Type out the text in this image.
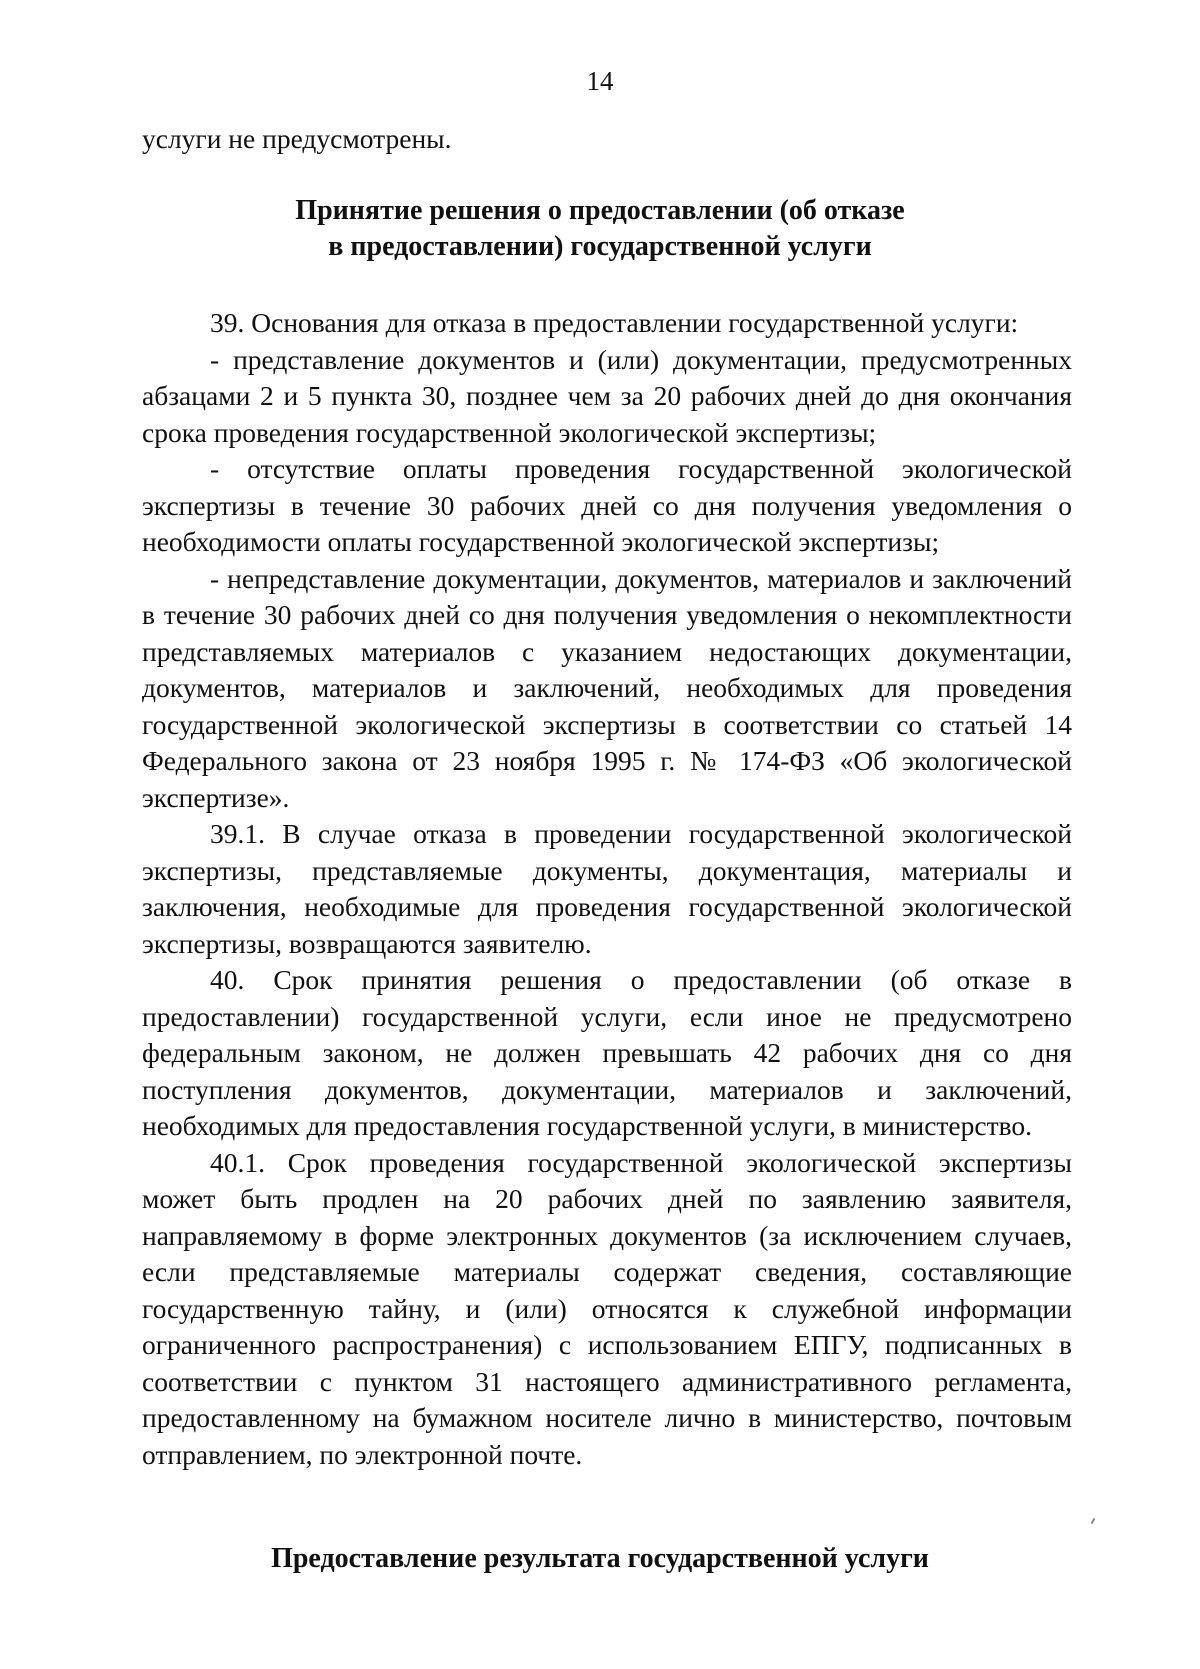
14
услуги не предусмотрены.
Принятие решения о предоставлении (об отказе
в предоставлении) государственной услуги

39. Основания для отказа в предоставлении государственной услуги:

- представление документов и (или) документации, предусмотренных абзацами 2 и 5 пункта 30, позднее чем за 20 рабочих дней до дня окончания срока проведения государственной экологической экспертизы;

- отсутствие оплаты проведения государственной экологической экспертизы в течение 30 рабочих дней со дня получения уведомления о необходимости оплаты государственной экологической экспертизы;

- непредставление документации, документов, материалов и заключений в течение 30 рабочих дней со дня получения уведомления о некомплектности представляемых материалов с указанием недостающих документации, документов, материалов и заключений, необходимых для проведения государственной экологической экспертизы в соответствии со статьей 14 Федерального закона от 23 ноября 1995 г. № 174-ФЗ «Об экологической экспертизе».

39.1. В случае отказа в проведении государственной экологической экспертизы, представляемые документы, документация, материалы и заключения, необходимые для проведения государственной экологической экспертизы, возвращаются заявителю.

40. Срок принятия решения о предоставлении (об отказе в предоставлении) государственной услуги, если иное не предусмотрено федеральным законом, не должен превышать 42 рабочих дня со дня поступления документов, документации, материалов и заключений, необходимых для предоставления государственной услуги, в министерство.

40.1. Срок проведения государственной экологической экспертизы может быть продлен на 20 рабочих дней по заявлению заявителя, направляемому в форме электронных документов (за исключением случаев, если представляемые материалы содержат сведения, составляющие государственную тайну, и (или) относятся к служебной информации ограниченного распространения) с использованием ЕПГУ, подписанных в соответствии с пунктом 31 настоящего административного регламента, предоставленному на бумажном носителе лично в министерство, почтовым отправлением, по электронной почте.

Предоставление результата государственной услуги
